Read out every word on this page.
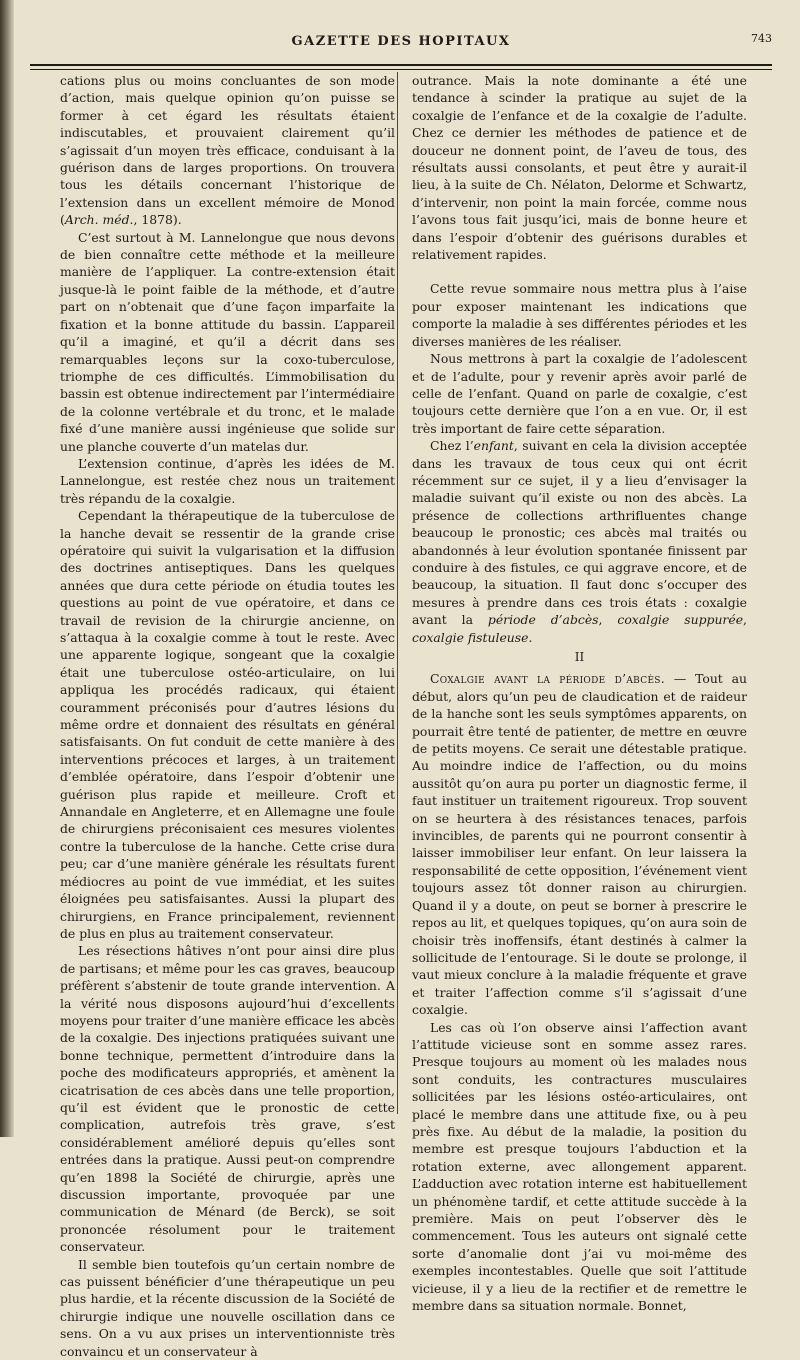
GAZETTE DES HOPITAUX	743

cations plus ou moins concluantes de son mode d’action, mais quelque opinion qu’on puisse se former à cet égard les résultats étaient indiscutables, et prouvaient clairement qu’il s’agissait d’un moyen très efficace, conduisant à la guérison dans de larges proportions. On trouvera tous les détails concernant l’historique de l’extension dans un excellent mémoire de Monod (Arch. méd., 1878).

C’est surtout à M. Lannelongue que nous devons de bien connaître cette méthode et la meilleure manière de l’appliquer. La contre-extension était jusque-là le point faible de la méthode, et d’autre part on n’obtenait que d’une façon imparfaite la fixation et la bonne attitude du bassin. L’appareil qu’il a imaginé, et qu’il a décrit dans ses remarquables leçons sur la coxo-tuberculose, triomphe de ces difficultés. L’immobilisation du bassin est obtenue indirectement par l’intermédiaire de la colonne vertébrale et du tronc, et le malade fixé d’une manière aussi ingénieuse que solide sur une planche couverte d’un matelas dur.

L’extension continue, d’après les idées de M. Lannelongue, est restée chez nous un traitement très répandu de la coxalgie.

Cependant la thérapeutique de la tuberculose de la hanche devait se ressentir de la grande crise opératoire qui suivit la vulgarisation et la diffusion des doctrines antiseptiques. Dans les quelques années que dura cette période on étudia toutes les questions au point de vue opératoire, et dans ce travail de revision de la chirurgie ancienne, on s’attaqua à la coxalgie comme à tout le reste. Avec une apparente logique, songeant que la coxalgie était une tuberculose ostéo-articulaire, on lui appliqua les procédés radicaux, qui étaient couramment préconisés pour d’autres lésions du même ordre et donnaient des résultats en général satisfaisants. On fut conduit de cette manière à des interventions précoces et larges, à un traitement d’emblée opératoire, dans l’espoir d’obtenir une guérison plus rapide et meilleure. Croft et Annandale en Angleterre, et en Allemagne une foule de chirurgiens préconisaient ces mesures violentes contre la tuberculose de la hanche. Cette crise dura peu; car d’une manière générale les résultats furent médiocres au point de vue immédiat, et les suites éloignées peu satisfaisantes. Aussi la plupart des chirurgiens, en France principalement, reviennent de plus en plus au traitement conservateur.

Les résections hâtives n’ont pour ainsi dire plus de partisans; et même pour les cas graves, beaucoup préfèrent s’abstenir de toute grande intervention. A la vérité nous disposons aujourd’hui d’excellents moyens pour traiter d’une manière efficace les abcès de la coxalgie. Des injections pratiquées suivant une bonne technique, permettent d’introduire dans la poche des modificateurs appropriés, et amènent la cicatrisation de ces abcès dans une telle proportion, qu’il est évident que le pronostic de cette complication, autrefois très grave, s’est considérablement amélioré depuis qu’elles sont entrées dans la pratique. Aussi peut-on comprendre qu’en 1898 la Société de chirurgie, après une discussion importante, provoquée par une communication de Ménard (de Berck), se soit prononcée résolument pour le traitement conservateur.

Il semble bien toutefois qu’un certain nombre de cas puissent bénéficier d’une thérapeutique un peu plus hardie, et la récente discussion de la Société de chirurgie indique une nouvelle oscillation dans ce sens. On a vu aux prises un interventionniste très convaincu et un conservateur à

outrance. Mais la note dominante a été une tendance à scinder la pratique au sujet de la coxalgie de l’enfance et de la coxalgie de l’adulte. Chez ce dernier les méthodes de patience et de douceur ne donnent point, de l’aveu de tous, des résultats aussi consolants, et peut être y aurait-il lieu, à la suite de Ch. Nélaton, Delorme et Schwartz, d’intervenir, non point la main forcée, comme nous l’avons tous fait jusqu’ici, mais de bonne heure et dans l’espoir d’obtenir des guérisons durables et relativement rapides.

Cette revue sommaire nous mettra plus à l’aise pour exposer maintenant les indications que comporte la maladie à ses différentes périodes et les diverses manières de les réaliser.

Nous mettrons à part la coxalgie de l’adolescent et de l’adulte, pour y revenir après avoir parlé de celle de l’enfant. Quand on parle de coxalgie, c’est toujours cette dernière que l’on a en vue. Or, il est très important de faire cette séparation.

Chez l’enfant, suivant en cela la division acceptée dans les travaux de tous ceux qui ont écrit récemment sur ce sujet, il y a lieu d’envisager la maladie suivant qu’il existe ou non des abcès. La présence de collections arthrifluentes change beaucoup le pronostic; ces abcès mal traités ou abandonnés à leur évolution spontanée finissent par conduire à des fistules, ce qui aggrave encore, et de beaucoup, la situation. Il faut donc s’occuper des mesures à prendre dans ces trois états : coxalgie avant la période d’abcès, coxalgie suppurée, coxalgie fistuleuse.

II

Coxalgie avant la période d’abcès. — Tout au début, alors qu’un peu de claudication et de raideur de la hanche sont les seuls symptômes apparents, on pourrait être tenté de patienter, de mettre en œuvre de petits moyens. Ce serait une détestable pratique. Au moindre indice de l’affection, ou du moins aussitôt qu’on aura pu porter un diagnostic ferme, il faut instituer un traitement rigoureux. Trop souvent on se heurtera à des résistances tenaces, parfois invincibles, de parents qui ne pourront consentir à laisser immobiliser leur enfant. On leur laissera la responsabilité de cette opposition, l’événement vient toujours assez tôt donner raison au chirurgien. Quand il y a doute, on peut se borner à prescrire le repos au lit, et quelques topiques, qu’on aura soin de choisir très inoffensifs, étant destinés à calmer la sollicitude de l’entourage. Si le doute se prolonge, il vaut mieux conclure à la maladie fréquente et grave et traiter l’affection comme s’il s’agissait d’une coxalgie.

Les cas où l’on observe ainsi l’affection avant l’attitude vicieuse sont en somme assez rares. Presque toujours au moment où les malades nous sont conduits, les contractures musculaires sollicitées par les lésions ostéo-articulaires, ont placé le membre dans une attitude fixe, ou à peu près fixe. Au début de la maladie, la position du membre est presque toujours l’abduction et la rotation externe, avec allongement apparent. L’adduction avec rotation interne est habituellement un phénomène tardif, et cette attitude succède à la première. Mais on peut l’observer dès le commencement. Tous les auteurs ont signalé cette sorte d’anomalie dont j’ai vu moi-même des exemples incontestables. Quelle que soit l’attitude vicieuse, il y a lieu de la rectifier et de remettre le membre dans sa situation normale. Bonnet,
